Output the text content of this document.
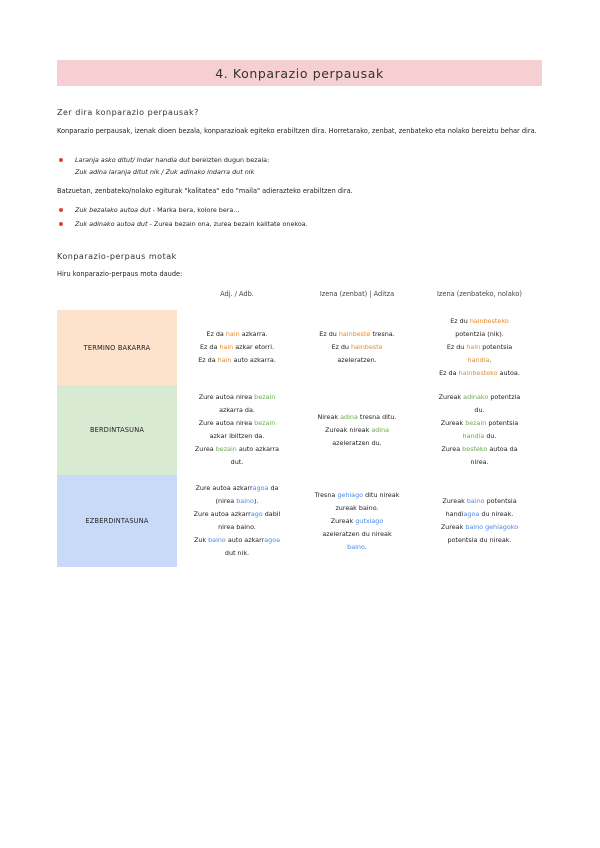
4. Konparazio perpausak
Zer dira konparazio perpausak?
Konparazio perpausak, izenak dioen bezala, konparazioak egiteko erabiltzen dira. Horretarako, zenbat, zenbateko eta nolako bereiztu behar dira.
Laranja asko ditut/ Indar handia dut bereizten dugun bezala:
Zuk adina laranja ditut nik / Zuk adinako indarra dut nik
Batzuetan, zenbateko/nolako egiturak "kalitatea" edo "maila" adierazteko erabiltzen dira.
Zuk bezalako autoa dut - Marka bera, kolore bera...
Zuk adinako autoa dut - Zurea bezain ona, zurea bezain kalitate onekoa.
Konparazio-perpaus motak
Hiru konparazio-perpaus mota daude:
Adj. / Adb.	Izena (zenbat) | Aditza	Izena (zenbateko, nolako)
TERMINO BAKARRA
Ez da hain azkarra.
Ez da hain azkar etorri.
Ez da hain auto azkarra.
Ez du hainbeste tresna.
Ez du hainbeste
azeleratzen.
Ez du hainbesteko
potentzia (nik).
Ez du hain potentsia
handia.
Ez da hainbesteko autoa.
BERDINTASUNA
Zure autoa nirea bezain
azkarra da.
Zure autoa nirea bezain
azkar ibiltzen da.
Zurea bezain auto azkarra
dut.
Nireak adina tresna ditu.
Zureak nireak adina
azeleratzen du.
Zureak adinako potentzia
du.
Zureak bezain potentsia
handia du.
Zurea besteko autoa da
nirea.
EZBERDINTASUNA
Zure autoa azkarragoa da
(nirea baino).
Zure autoa azkarrago dabil
nirea baino.
Zuk baino auto azkarragoa
dut nik.
Tresna gehiago ditu nireak
zureak baino.
Zureak gutxiago
azeleratzen du nireak
baino.
Zureak baino potentsia
handiagoa du nireak.
Zureak baino gehiagoko
potentsia du nireak.
